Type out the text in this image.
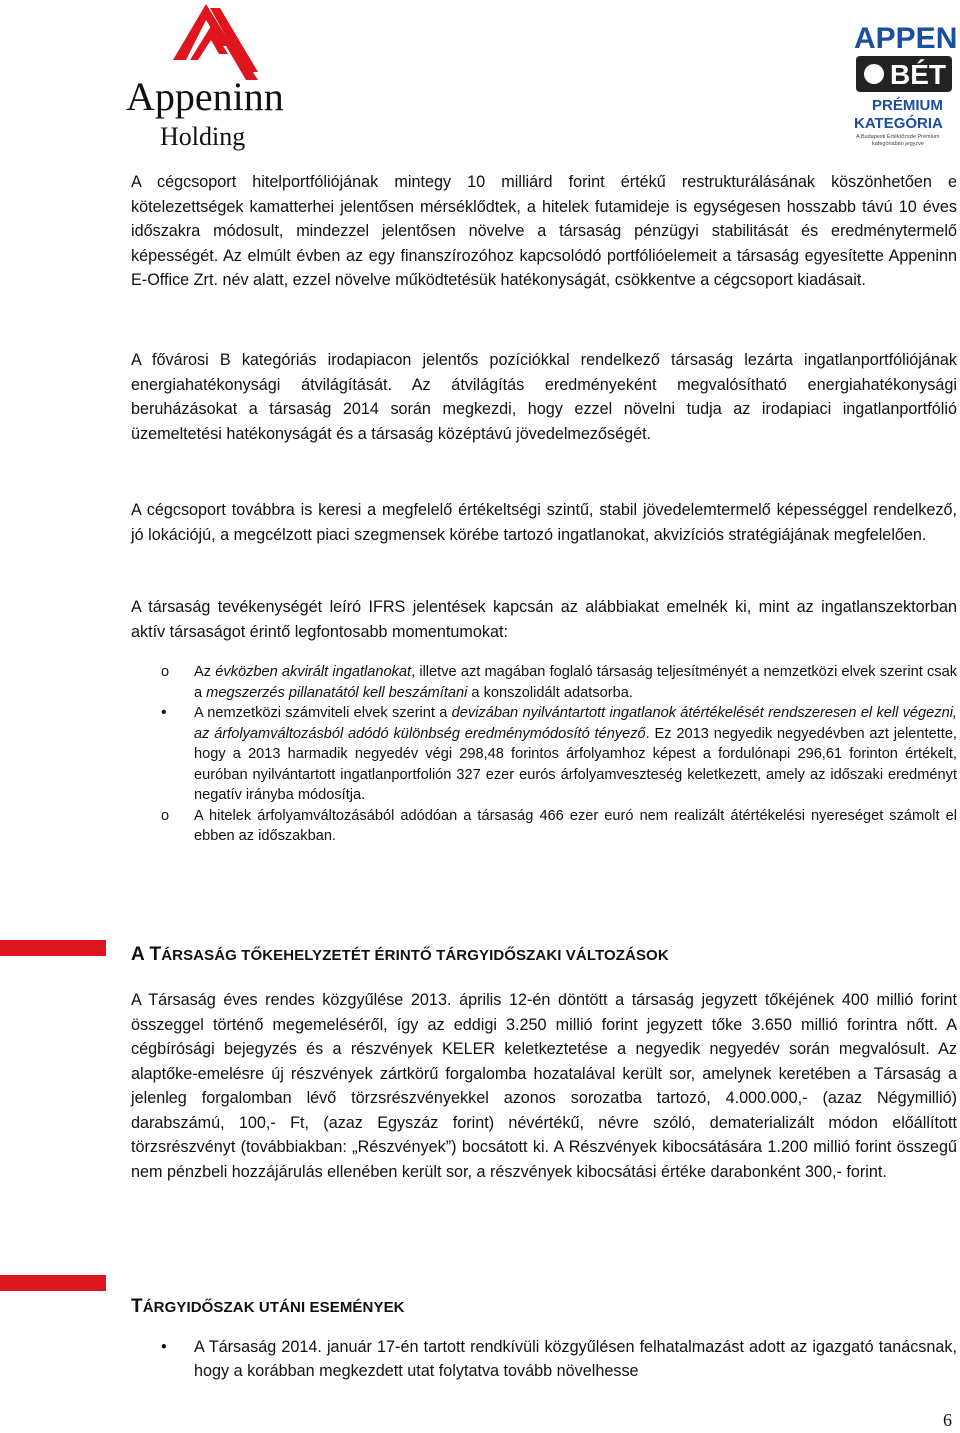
Appeninn
Holding
APPEN
BÉT
PRÉMIUM
KATEGÓRIA
A Budapesti Értéktőzsde Prémium
kategóriában jegyzve

A cégcsoport hitelportfóliójának mintegy 10 milliárd forint értékű restrukturálásának köszönhetően e kötelezettségek kamatterhei jelentősen mérséklődtek, a hitelek futamideje is egységesen hosszabb távú 10 éves időszakra módosult, mindezzel jelentősen növelve a társaság pénzügyi stabilitását és eredménytermelő képességét. Az elmúlt évben az egy finanszírozóhoz kapcsolódó portfólióelemeit a társaság egyesítette Appeninn E-Office Zrt. név alatt, ezzel növelve működtetésük hatékonyságát, csökkentve a cégcsoport kiadásait.

A fővárosi B kategóriás irodapiacon jelentős pozíciókkal rendelkező társaság lezárta ingatlanportfóliójának energiahatékonysági átvilágítását. Az átvilágítás eredményeként megvalósítható energiahatékonysági beruházásokat a társaság 2014 során megkezdi, hogy ezzel növelni tudja az irodapiaci ingatlanportfólió üzemeltetési hatékonyságát és a társaság középtávú jövedelmezőségét.

A cégcsoport továbbra is keresi a megfelelő értékeltségi szintű, stabil jövedelemtermelő képességgel rendelkező, jó lokációjú, a megcélzott piaci szegmensek körébe tartozó ingatlanokat, akvizíciós stratégiájának megfelelően.

A társaság tevékenységét leíró IFRS jelentések kapcsán az alábbiakat emelnék ki, mint az ingatlanszektorban aktív társaságot érintő legfontosabb momentumokat:

o Az évközben akvirált ingatlanokat, illetve azt magában foglaló társaság teljesítményét a nemzetközi elvek szerint csak a megszerzés pillanatától kell beszámítani a konszolidált adatsorba.
• A nemzetközi számviteli elvek szerint a devizában nyilvántartott ingatlanok átértékelését rendszeresen el kell végezni, az árfolyamváltozásból adódó különbség eredménymódosító tényező. Ez 2013 negyedik negyedévben azt jelentette, hogy a 2013 harmadik negyedév végi 298,48 forintos árfolyamhoz képest a fordulónapi 296,61 forinton értékelt, euróban nyilvántartott ingatlanportfolión 327 ezer eurós árfolyamveszteség keletkezett, amely az időszaki eredményt negatív irányba módosítja.
o A hitelek árfolyamváltozásából adódóan a társaság 466 ezer euró nem realizált átértékelési nyereséget számolt el ebben az időszakban.

A Társaság éves rendes közgyűlése 2013. április 12-én döntött a társaság jegyzett tőkéjének 400 millió forint összeggel történő megemeléséről, így az eddigi 3.250 millió forint jegyzett tőke 3.650 millió forintra nőtt. A cégbírósági bejegyzés és a részvények KELER keletkeztetése a negyedik negyedév során megvalósult. Az alaptőke-emelésre új részvények zártkörű forgalomba hozatalával került sor, amelynek keretében a Társaság a jelenleg forgalomban lévő törzsrészvényekkel azonos sorozatba tartozó, 4.000.000,- (azaz Négymillió) darabszámú, 100,- Ft, (azaz Egyszáz forint) névértékű, névre szóló, dematerializált módon előállított törzsrészvényt (továbbiakban: „Részvények”) bocsátott ki. A Részvények kibocsátására 1.200 millió forint összegű nem pénzbeli hozzájárulás ellenében került sor, a részvények kibocsátási értéke darabonként 300,- forint.

• A Társaság 2014. január 17-én tartott rendkívüli közgyűlésen felhatalmazást adott az igazgató tanácsnak, hogy a korábban megkezdett utat folytatva tovább növelhesse
A TÁRSASÁG TŐKEHELYZETÉT ÉRINTŐ TÁRGYIDŐSZAKI VÁLTOZÁSOK
TÁRGYIDŐSZAK UTÁNI ESEMÉNYEK
6
